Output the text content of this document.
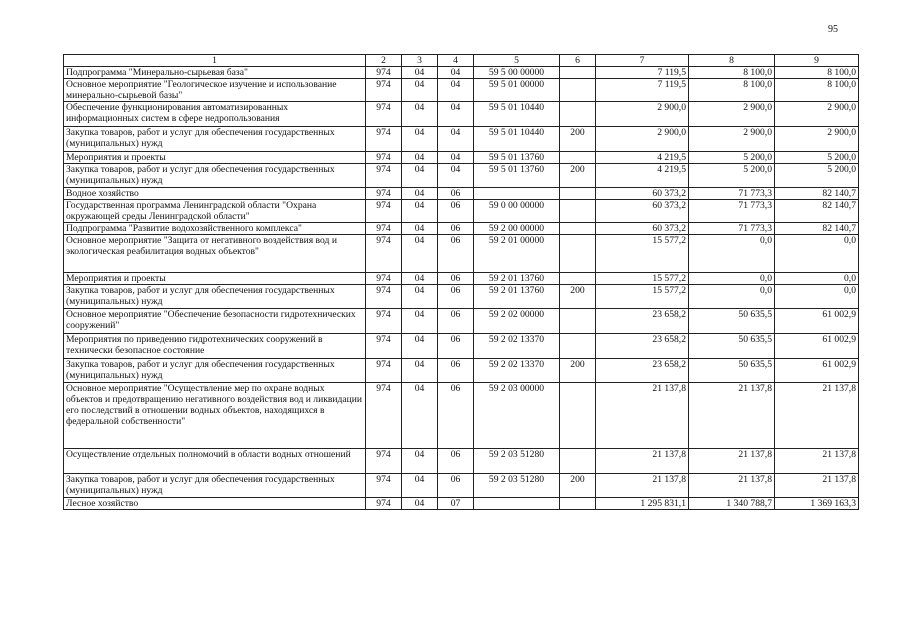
95
1	2	3	4	5	6	7	8	9
Подпрограмма "Минерально-сырьевая база"	974	04	04	59 5 00 00000		7 119,5	8 100,0	8 100,0
Основное мероприятие "Геологическое изучение и использование минерально-сырьевой базы"	974	04	04	59 5 01 00000		7 119,5	8 100,0	8 100,0
Обеспечение функционирования автоматизированных информационных систем в сфере недропользования	974	04	04	59 5 01 10440		2 900,0	2 900,0	2 900,0
Закупка товаров, работ и услуг для обеспечения государственных (муниципальных) нужд	974	04	04	59 5 01 10440	200	2 900,0	2 900,0	2 900,0
Мероприятия и проекты	974	04	04	59 5 01 13760		4 219,5	5 200,0	5 200,0
Закупка товаров, работ и услуг для обеспечения государственных (муниципальных) нужд	974	04	04	59 5 01 13760	200	4 219,5	5 200,0	5 200,0
Водное хозяйство	974	04	06			60 373,2	71 773,3	82 140,7
Государственная программа Ленинградской области "Охрана окружающей среды Ленинградской области"	974	04	06	59 0 00 00000		60 373,2	71 773,3	82 140,7
Подпрограмма "Развитие водохозяйственного комплекса"	974	04	06	59 2 00 00000		60 373,2	71 773,3	82 140,7
Основное мероприятие "Защита от негативного воздействия вод и экологическая реабилитация водных объектов"	974	04	06	59 2 01 00000		15 577,2	0,0	0,0
Мероприятия и проекты	974	04	06	59 2 01 13760		15 577,2	0,0	0,0
Закупка товаров, работ и услуг для обеспечения государственных (муниципальных) нужд	974	04	06	59 2 01 13760	200	15 577,2	0,0	0,0
Основное мероприятие "Обеспечение безопасности гидротехнических сооружений"	974	04	06	59 2 02 00000		23 658,2	50 635,5	61 002,9
Мероприятия по приведению гидротехнических сооружений в технически безопасное состояние	974	04	06	59 2 02 13370		23 658,2	50 635,5	61 002,9
Закупка товаров, работ и услуг для обеспечения государственных (муниципальных) нужд	974	04	06	59 2 02 13370	200	23 658,2	50 635,5	61 002,9
Основное мероприятие "Осуществление мер по охране водных объектов и предотвращению негативного воздействия вод и ликвидации его последствий в отношении водных объектов, находящихся в федеральной собственности"	974	04	06	59 2 03 00000		21 137,8	21 137,8	21 137,8
Осуществление отдельных полномочий в области водных отношений	974	04	06	59 2 03 51280		21 137,8	21 137,8	21 137,8
Закупка товаров, работ и услуг для обеспечения государственных (муниципальных) нужд	974	04	06	59 2 03 51280	200	21 137,8	21 137,8	21 137,8
Лесное хозяйство	974	04	07			1 295 831,1	1 340 788,7	1 369 163,3
